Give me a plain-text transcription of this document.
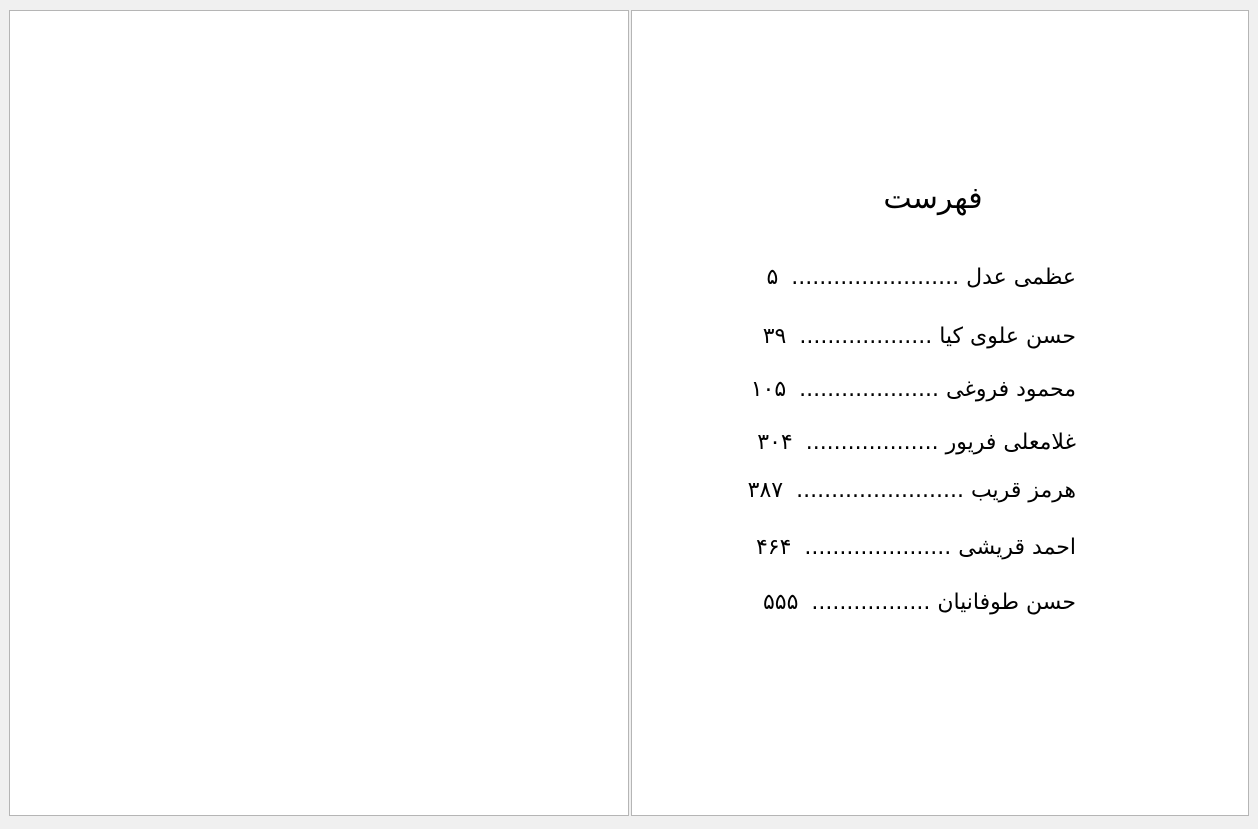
فهرست
عظمی عدل ........................ ۵
حسن علوی کیا ................... ۳۹
محمود فروغی .................... ۱۰۵
غلامعلی فریور ................... ۳۰۴
هرمز قریب ........................ ۳۸۷
احمد قریشی ..................... ۴۶۴
حسن طوفانیان ................. ۵۵۵
